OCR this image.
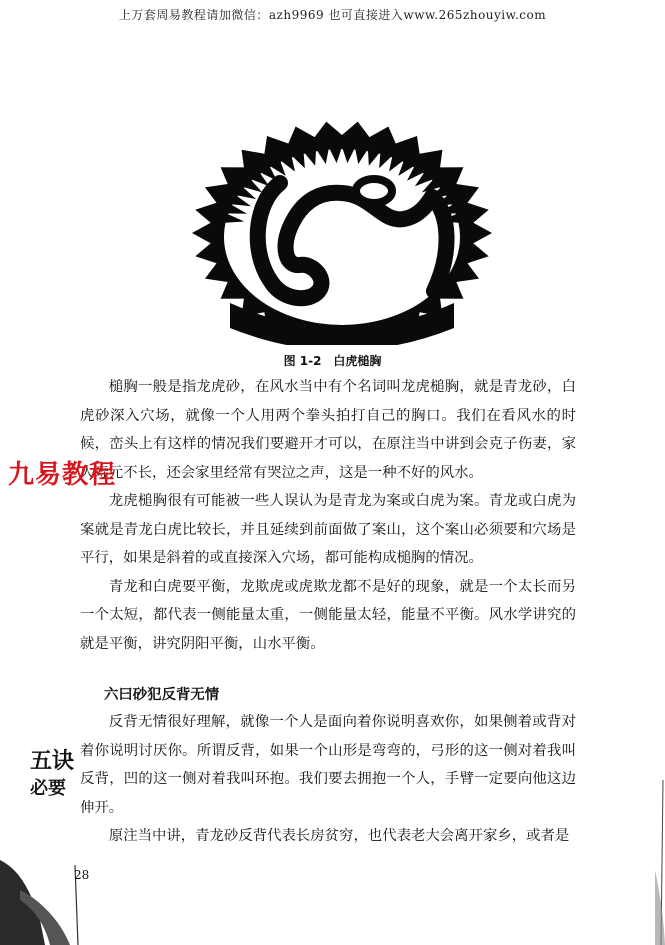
上万套周易教程请加微信：azh9969 也可直接进入www.265zhouyiw.com
图 1-2　白虎槌胸

槌胸一般是指龙虎砂，在风水当中有个名词叫龙虎槌胸，就是青龙砂，白虎砂深入穴场，就像一个人用两个拳头拍打自己的胸口。我们在看风水的时候，峦头上有这样的情况我们要避开才可以，在原注当中讲到会克子伤妻，家人寿元不长，还会家里经常有哭泣之声，这是一种不好的风水。

龙虎槌胸很有可能被一些人误认为是青龙为案或白虎为案。青龙或白虎为案就是青龙白虎比较长，并且延续到前面做了案山，这个案山必须要和穴场是平行，如果是斜着的或直接深入穴场，都可能构成槌胸的情况。

青龙和白虎要平衡，龙欺虎或虎欺龙都不是好的现象，就是一个太长而另一个太短，都代表一侧能量太重，一侧能量太轻，能量不平衡。风水学讲究的就是平衡，讲究阴阳平衡，山水平衡。

九易教程
六曰砂犯反背无情

反背无情很好理解，就像一个人是面向着你说明喜欢你，如果侧着或背对着你说明讨厌你。所谓反背，如果一个山形是弯弯的，弓形的这一侧对着我叫反背，凹的这一侧对着我叫环抱。我们要去拥抱一个人，手臂一定要向他这边伸开。

原注当中讲，青龙砂反背代表长房贫穷，也代表老大会离开家乡，或者是

五诀
必要
28
